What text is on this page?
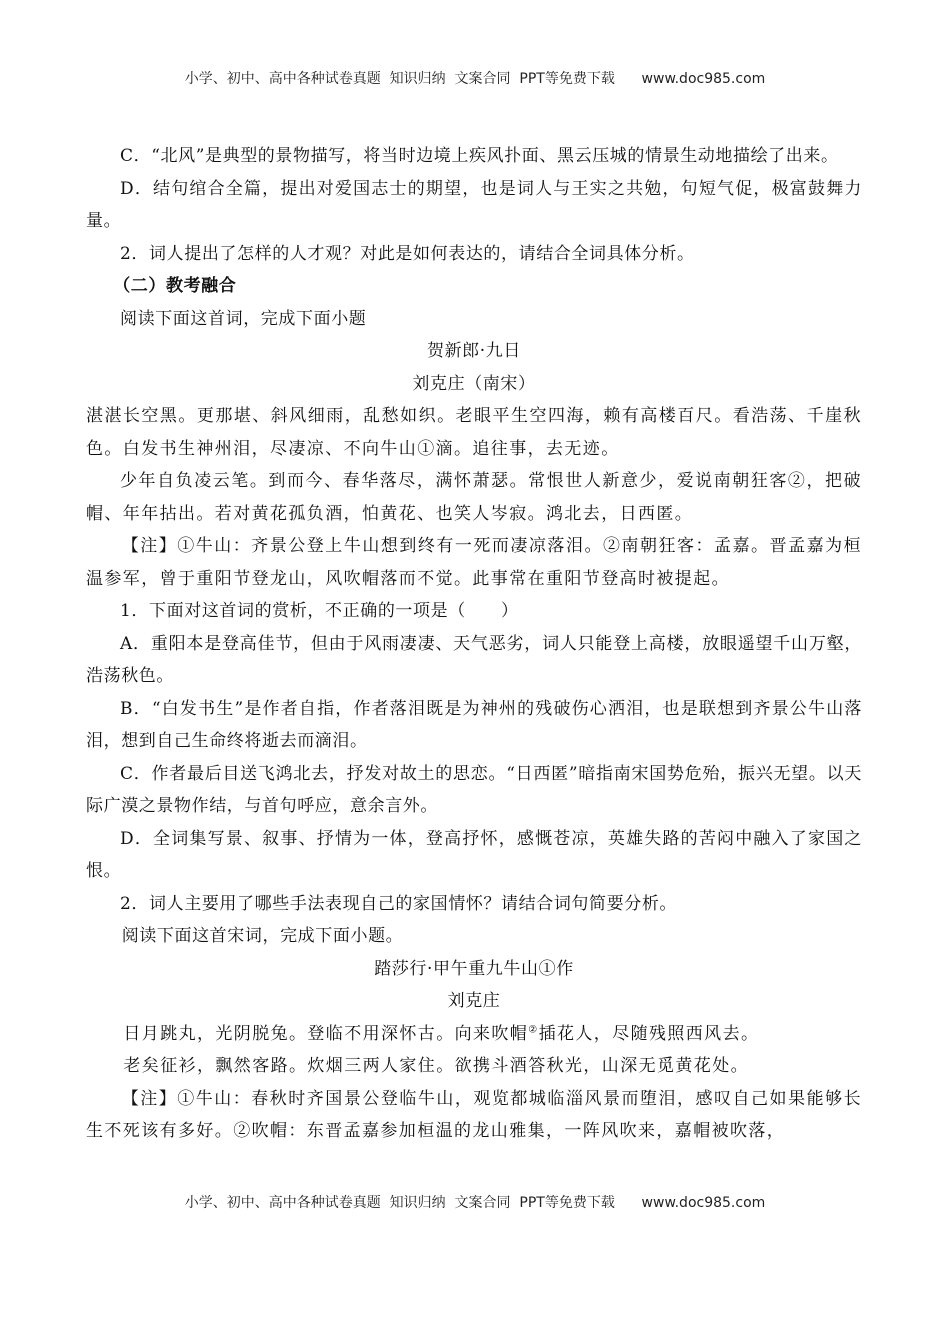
小学、初中、高中各种试卷真题  知识归纳  文案合同  PPT等免费下载      www.doc985.com

C．“北风”是典型的景物描写，将当时边境上疾风扑面、黑云压城的情景生动地描绘了出来。

D．结句绾合全篇，提出对爱国志士的期望，也是词人与王实之共勉，句短气促，极富鼓舞力量。

2．词人提出了怎样的人才观？对此是如何表达的，请结合全词具体分析。

（二）教考融合

阅读下面这首词，完成下面小题

贺新郎·九日

刘克庄（南宋）

湛湛长空黑。更那堪、斜风细雨，乱愁如织。老眼平生空四海，赖有高楼百尺。看浩荡、千崖秋色。白发书生神州泪，尽凄凉、不向牛山①滴。追往事，去无迹。

少年自负凌云笔。到而今、春华落尽，满怀萧瑟。常恨世人新意少，爱说南朝狂客②，把破帽、年年拈出。若对黄花孤负酒，怕黄花、也笑人岑寂。鸿北去，日西匿。

【注】①牛山：齐景公登上牛山想到终有一死而凄凉落泪。②南朝狂客：孟嘉。晋孟嘉为桓温参军，曾于重阳节登龙山，风吹帽落而不觉。此事常在重阳节登高时被提起。

1．下面对这首词的赏析，不正确的一项是（　　）

A．重阳本是登高佳节，但由于风雨凄凄、天气恶劣，词人只能登上高楼，放眼遥望千山万壑，浩荡秋色。

B．“白发书生”是作者自指，作者落泪既是为神州的残破伤心洒泪，也是联想到齐景公牛山落泪，想到自己生命终将逝去而滴泪。

C．作者最后目送飞鸿北去，抒发对故土的思恋。“日西匿”暗指南宋国势危殆，振兴无望。以天际广漠之景物作结，与首句呼应，意余言外。

D．全词集写景、叙事、抒情为一体，登高抒怀，感慨苍凉，英雄失路的苦闷中融入了家国之恨。

2．词人主要用了哪些手法表现自己的家国情怀？请结合词句简要分析。

阅读下面这首宋词，完成下面小题。

踏莎行·甲午重九牛山①作

刘克庄

日月跳丸，光阴脱兔。登临不用深怀古。向来吹帽②插花人，尽随残照西风去。

老矣征衫，飘然客路。炊烟三两人家住。欲携斗酒答秋光，山深无觅黄花处。

【注】①牛山：春秋时齐国景公登临牛山，观览都城临淄风景而堕泪，感叹自己如果能够长生不死该有多好。②吹帽：东晋孟嘉参加桓温的龙山雅集，一阵风吹来，嘉帽被吹落，

小学、初中、高中各种试卷真题  知识归纳  文案合同  PPT等免费下载      www.doc985.com
